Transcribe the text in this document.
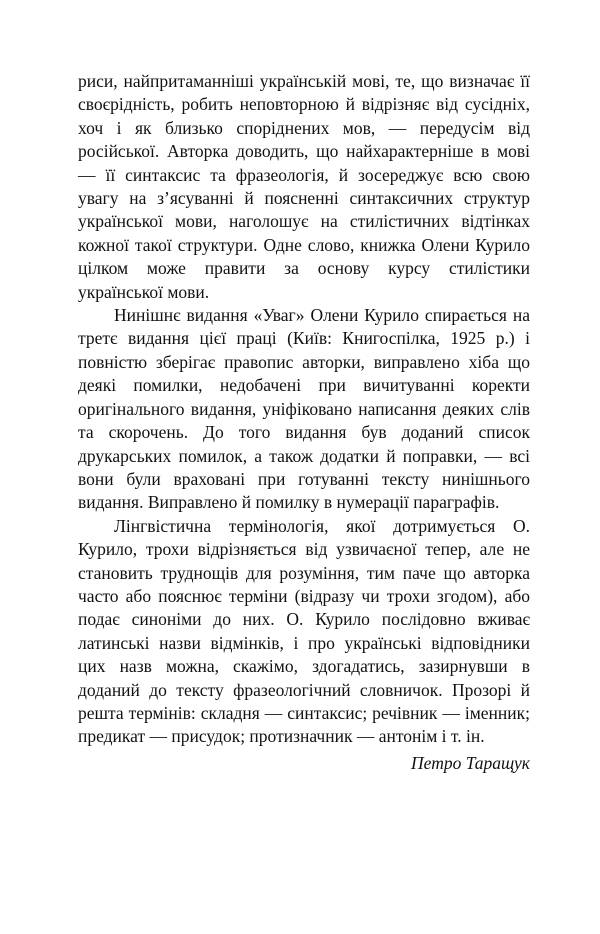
риси, найпритаманніші українській мові, те, що визначає її своєрідність, робить неповторною й відрізняє від сусідніх, хоч і як близько споріднених мов, — передусім від російської. Авторка доводить, що найхарактерніше в мові — її синтаксис та фразеологія, й зосереджує всю свою увагу на з’ясуванні й поясненні синтаксичних структур української мови, наголошує на стилістичних відтінках кожної такої структури. Одне слово, книжка Олени Курило цілком може правити за основу курсу стилістики української мови.

Нинішнє видання «Уваг» Олени Курило спирається на третє видання цієї праці (Київ: Книгоспілка, 1925 р.) і повністю зберігає правопис авторки, виправлено хіба що деякі помилки, недобачені при вичитуванні коректи оригінального видання, уніфіковано написання деяких слів та скорочень. До того видання був доданий список друкарських помилок, а також додатки й поправки, — всі вони були враховані при готуванні тексту нинішнього видання. Виправлено й помилку в нумерації параграфів.

Лінгвістична термінологія, якої дотримується О. Курило, трохи відрізняється від узвичаєної тепер, але не становить труднощів для розуміння, тим паче що авторка часто або пояснює терміни (відразу чи трохи згодом), або подає синоніми до них. О. Курило послідовно вживає латинські назви відмінків, і про українські відповідники цих назв можна, скажімо, здогадатись, зазирнувши в доданий до тексту фразеологічний словничок. Прозорі й решта термінів: складня — синтаксис; речівник — іменник; предикат — присудок; протизначник — антонім і т. ін.

Петро Таращук
